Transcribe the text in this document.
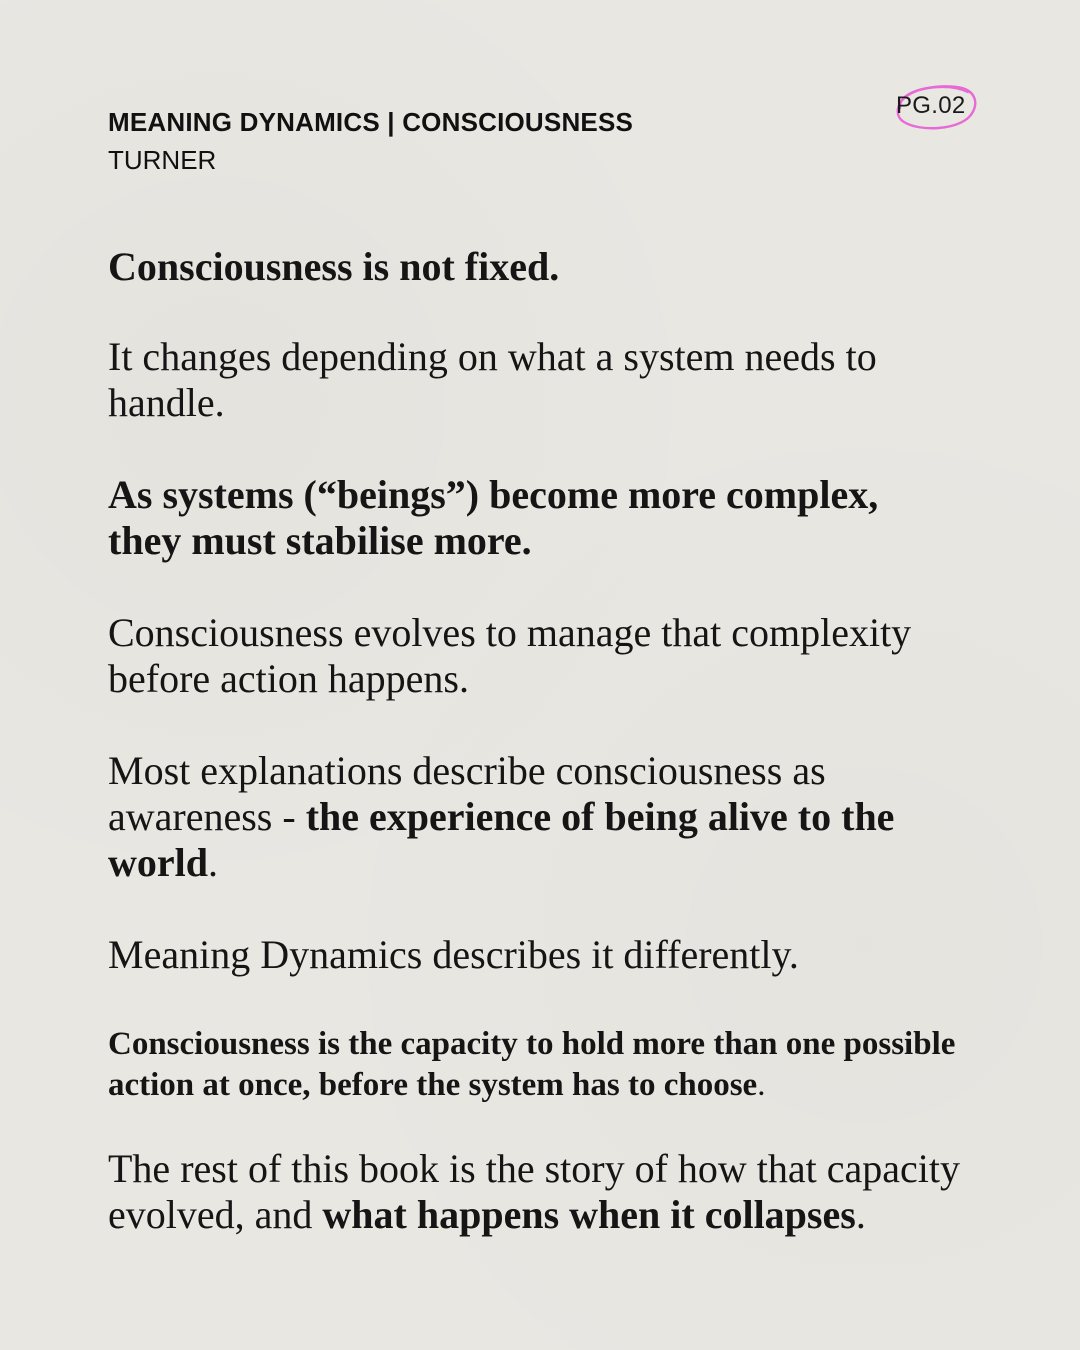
MEANING DYNAMICS | CONSCIOUSNESS
TURNER
PG.02

Consciousness is not fixed.

It changes depending on what a system needs to handle.

As systems (“beings”) become more complex, they must stabilise more.

Consciousness evolves to manage that complexity before action happens.

Most explanations describe consciousness as awareness - the experience of being alive to the world.

Meaning Dynamics describes it differently.

Consciousness is the capacity to hold more than one possible action at once, before the system has to choose.

The rest of this book is the story of how that capacity evolved, and what happens when it collapses.
